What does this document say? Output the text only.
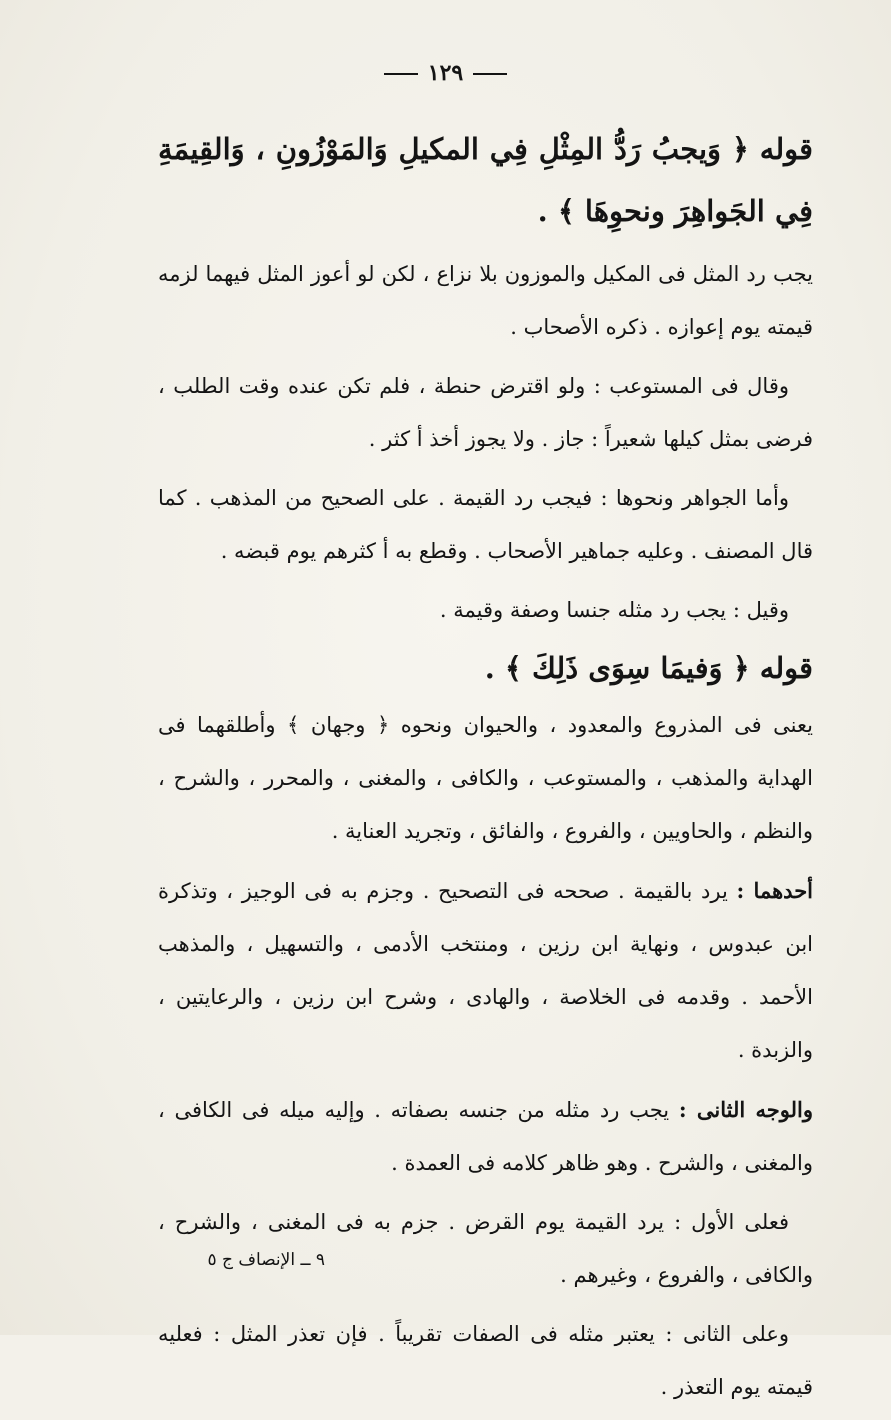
١٢٩
قوله ﴿ وَيجبُ رَدُّ المِثْلِ فِي المكيلِ وَالمَوْزُونِ ، وَالقِيمَةِ فِي الجَواهِرَ ونحوِهَا ﴾ .

يجب رد المثل فى المكيل والموزون بلا نزاع ، لكن لو أعوز المثل فيهما لزمه قيمته يوم إعوازه . ذكره الأصحاب .

وقال فى المستوعب : ولو اقترض حنطة ، فلم تكن عنده وقت الطلب ، فرضى بمثل كيلها شعيراً : جاز . ولا يجوز أخذ أ كثر .

وأما الجواهر ونحوها : فيجب رد القيمة . على الصحيح من المذهب . كما قال المصنف . وعليه جماهير الأصحاب . وقطع به أ كثرهم يوم قبضه .

وقيل : يجب رد مثله جنسا وصفة وقيمة .

قوله ﴿ وَفيمَا سِوَى ذَلِكَ ﴾ .

يعنى فى المذروع والمعدود ، والحيوان ونحوه ﴿ وجهان ﴾ وأطلقهما فى الهداية والمذهب ، والمستوعب ، والكافى ، والمغنى ، والمحرر ، والشرح ، والنظم ، والحاويين ، والفروع ، والفائق ، وتجريد العناية .

أحدهما : يرد بالقيمة . صححه فى التصحيح . وجزم به فى الوجيز ، وتذكرة ابن عبدوس ، ونهاية ابن رزين ، ومنتخب الأدمى ، والتسهيل ، والمذهب الأحمد . وقدمه فى الخلاصة ، والهادى ، وشرح ابن رزين ، والرعايتين ، والزبدة .

والوجه الثانى : يجب رد مثله من جنسه بصفاته . وإليه ميله فى الكافى ، والمغنى ، والشرح . وهو ظاهر كلامه فى العمدة .

فعلى الأول : يرد القيمة يوم القرض . جزم به فى المغنى ، والشرح ، والكافى ، والفروع ، وغيرهم .

وعلى الثانى : يعتبر مثله فى الصفات تقريباً . فإن تعذر المثل : فعليه قيمته يوم التعذر .

٩ ــ الإنصاف ج ٥
